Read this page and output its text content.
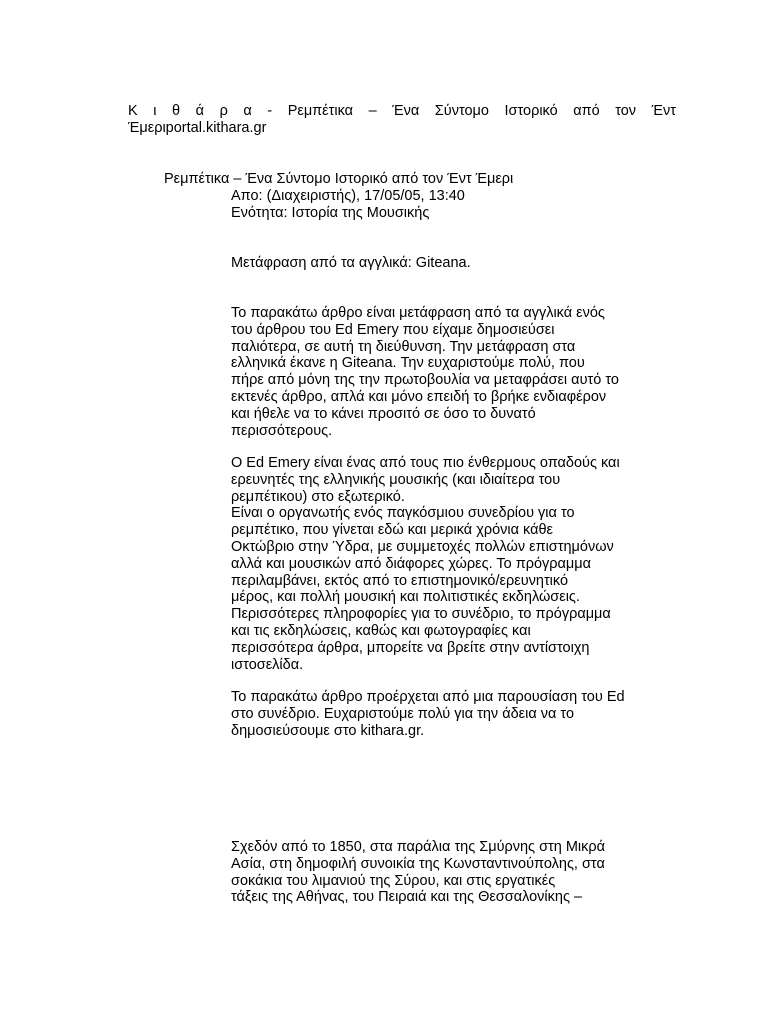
Κ ι θ ά ρ α - Ρεμπέτικα – Ένα Σύντομο Ιστορικό από τον Έντ
Έμεριportal.kithara.gr
Ρεμπέτικα – Ένα Σύντομο Ιστορικό από τον Έντ Έμερι
Απο: (Διαχειριστής), 17/05/05, 13:40
Ενότητα: Ιστορία της Μουσικής
Μετάφραση από τα αγγλικά: Giteana.
Το παρακάτω άρθρο είναι μετάφραση από τα αγγλικά ενός
του άρθρου του Ed Emery που είχαμε δημοσιεύσει
παλιότερα, σε αυτή τη διεύθυνση. Την μετάφραση στα
ελληνικά έκανε η Giteana. Την ευχαριστούμε πολύ, που
πήρε από μόνη της την πρωτοβουλία να μεταφράσει αυτό το
εκτενές άρθρο, απλά και μόνο επειδή το βρήκε ενδιαφέρον
και ήθελε να το κάνει προσιτό σε όσο το δυνατό
περισσότερους.
Ο Ed Emery είναι ένας από τους πιο ένθερμους οπαδούς και
ερευνητές της ελληνικής μουσικής (και ιδιαίτερα του
ρεμπέτικου) στο εξωτερικό.
Είναι ο οργανωτής ενός παγκόσμιου συνεδρίου για το
ρεμπέτικο, που γίνεται εδώ και μερικά χρόνια κάθε
Οκτώβριο στην Ύδρα, με συμμετοχές πολλών επιστημόνων
αλλά και μουσικών από διάφορες χώρες. Το πρόγραμμα
περιλαμβάνει, εκτός από το επιστημονικό/ερευνητικό
μέρος, και πολλή μουσική και πολιτιστικές εκδηλώσεις.
Περισσότερες πληροφορίες για το συνέδριο, το πρόγραμμα
και τις εκδηλώσεις, καθώς και φωτογραφίες και
περισσότερα άρθρα, μπορείτε να βρείτε στην αντίστοιχη
ιστοσελίδα.
Το παρακάτω άρθρο προέρχεται από μια παρουσίαση του Ed
στο συνέδριο. Ευχαριστούμε πολύ για την άδεια να το
δημοσιεύσουμε στο kithara.gr.
Σχεδόν από το 1850, στα παράλια της Σμύρνης στη Μικρά
Ασία, στη δημοφιλή συνοικία της Κωνσταντινούπολης, στα
σοκάκια του λιμανιού της Σύρου, και στις εργατικές
τάξεις της Αθήνας, του Πειραιά και της Θεσσαλονίκης –
